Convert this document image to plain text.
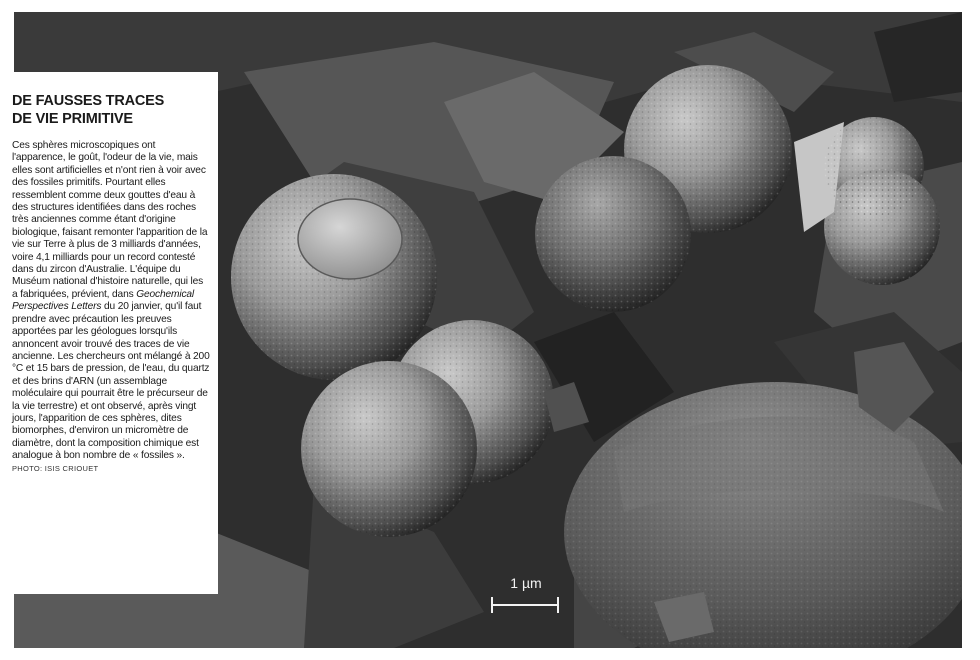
1 µm
DE FAUSSES TRACES
DE VIE PRIMITIVE

Ces sphères microscopiques ont l'apparence, le goût, l'odeur de la vie, mais elles sont artificielles et n'ont rien à voir avec des fossiles primitifs. Pourtant elles ressemblent comme deux gouttes d'eau à des structures identifiées dans des roches très anciennes comme étant d'origine biologique, faisant remonter l'apparition de la vie sur Terre à plus de 3 milliards d'années, voire 4,1 milliards pour un record contesté dans du zircon d'Australie. L'équipe du Muséum national d'histoire naturelle, qui les a fabriquées, prévient, dans Geochemical Perspectives Letters du 20 janvier, qu'il faut prendre avec précaution les preuves apportées par les géologues lorsqu'ils annoncent avoir trouvé des traces de vie ancienne. Les chercheurs ont mélangé à 200 °C et 15 bars de pression, de l'eau, du quartz et des brins d'ARN (un assemblage moléculaire qui pourrait être le précurseur de la vie terrestre) et ont observé, après vingt jours, l'apparition de ces sphères, dites biomorphes, d'environ un micromètre de diamètre, dont la composition chimique est analogue à bon nombre de « fossiles ». PHOTO: ISIS CRIOUET
